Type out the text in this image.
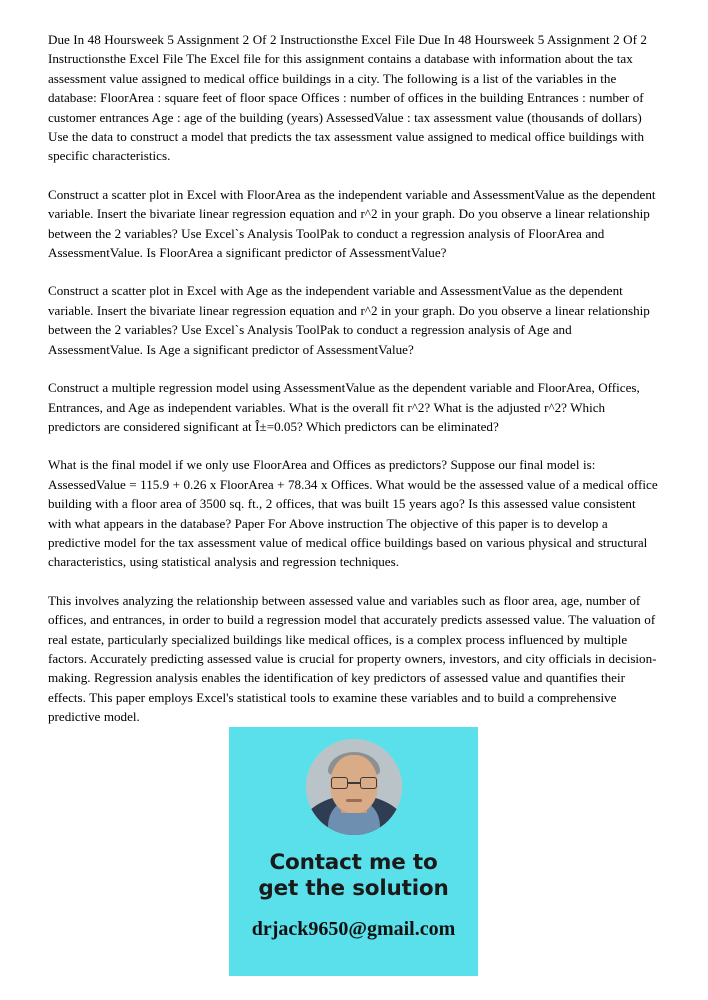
Due In 48 Hoursweek 5 Assignment 2 Of 2 Instructionsthe Excel File Due In 48 Hoursweek 5 Assignment 2 Of 2 Instructionsthe Excel File The Excel file for this assignment contains a database with information about the tax assessment value assigned to medical office buildings in a city. The following is a list of the variables in the database: FloorArea : square feet of floor space Offices : number of offices in the building Entrances : number of customer entrances Age : age of the building (years) AssessedValue : tax assessment value (thousands of dollars) Use the data to construct a model that predicts the tax assessment value assigned to medical office buildings with specific characteristics.

Construct a scatter plot in Excel with FloorArea as the independent variable and AssessmentValue as the dependent variable. Insert the bivariate linear regression equation and r^2 in your graph. Do you observe a linear relationship between the 2 variables? Use Excel`s Analysis ToolPak to conduct a regression analysis of FloorArea and AssessmentValue. Is FloorArea a significant predictor of AssessmentValue?

Construct a scatter plot in Excel with Age as the independent variable and AssessmentValue as the dependent variable. Insert the bivariate linear regression equation and r^2 in your graph. Do you observe a linear relationship between the 2 variables? Use Excel`s Analysis ToolPak to conduct a regression analysis of Age and AssessmentValue. Is Age a significant predictor of AssessmentValue?

Construct a multiple regression model using AssessmentValue as the dependent variable and FloorArea, Offices, Entrances, and Age as independent variables. What is the overall fit r^2? What is the adjusted r^2? Which predictors are considered significant at Î±=0.05? Which predictors can be eliminated?

What is the final model if we only use FloorArea and Offices as predictors? Suppose our final model is: AssessedValue = 115.9 + 0.26 x FloorArea + 78.34 x Offices. What would be the assessed value of a medical office building with a floor area of 3500 sq. ft., 2 offices, that was built 15 years ago? Is this assessed value consistent with what appears in the database? Paper For Above instruction The objective of this paper is to develop a predictive model for the tax assessment value of medical office buildings based on various physical and structural characteristics, using statistical analysis and regression techniques.

This involves analyzing the relationship between assessed value and variables such as floor area, age, number of offices, and entrances, in order to build a regression model that accurately predicts assessed value. The valuation of real estate, particularly specialized buildings like medical offices, is a complex process influenced by multiple factors. Accurately predicting assessed value is crucial for property owners, investors, and city officials in decision-making. Regression analysis enables the identification of key predictors of assessed value and quantifies their effects. This paper employs Excel's statistical tools to examine these variables and to build a comprehensive predictive model.

Contact me to
get the solution
drjack9650@gmail.com
